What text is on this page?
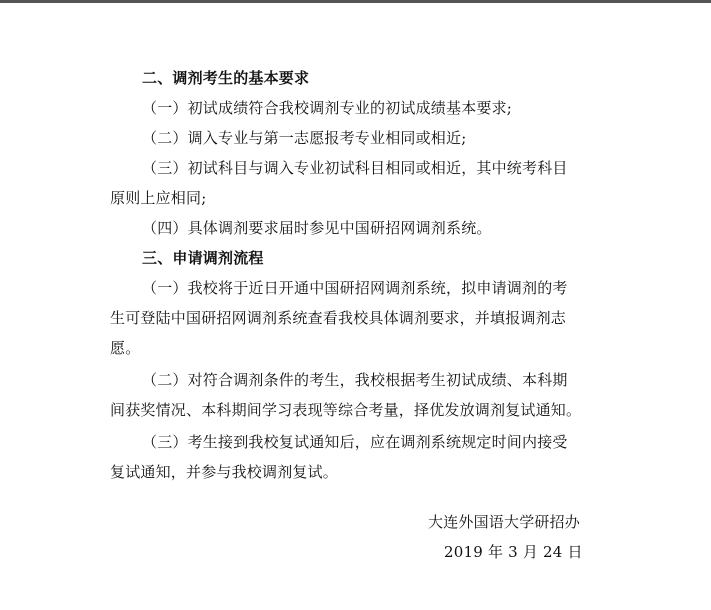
二、调剂考生的基本要求
（一）初试成绩符合我校调剂专业的初试成绩基本要求;
（二）调入专业与第一志愿报考专业相同或相近;
（三）初试科目与调入专业初试科目相同或相近，其中统考科目
原则上应相同;
（四）具体调剂要求届时参见中国研招网调剂系统。
三、申请调剂流程
（一）我校将于近日开通中国研招网调剂系统，拟申请调剂的考
生可登陆中国研招网调剂系统查看我校具体调剂要求，并填报调剂志
愿。
（二）对符合调剂条件的考生，我校根据考生初试成绩、本科期
间获奖情况、本科期间学习表现等综合考量，择优发放调剂复试通知。
（三）考生接到我校复试通知后，应在调剂系统规定时间内接受
复试通知，并参与我校调剂复试。
大连外国语大学研招办
2019 年 3 月 24 日
